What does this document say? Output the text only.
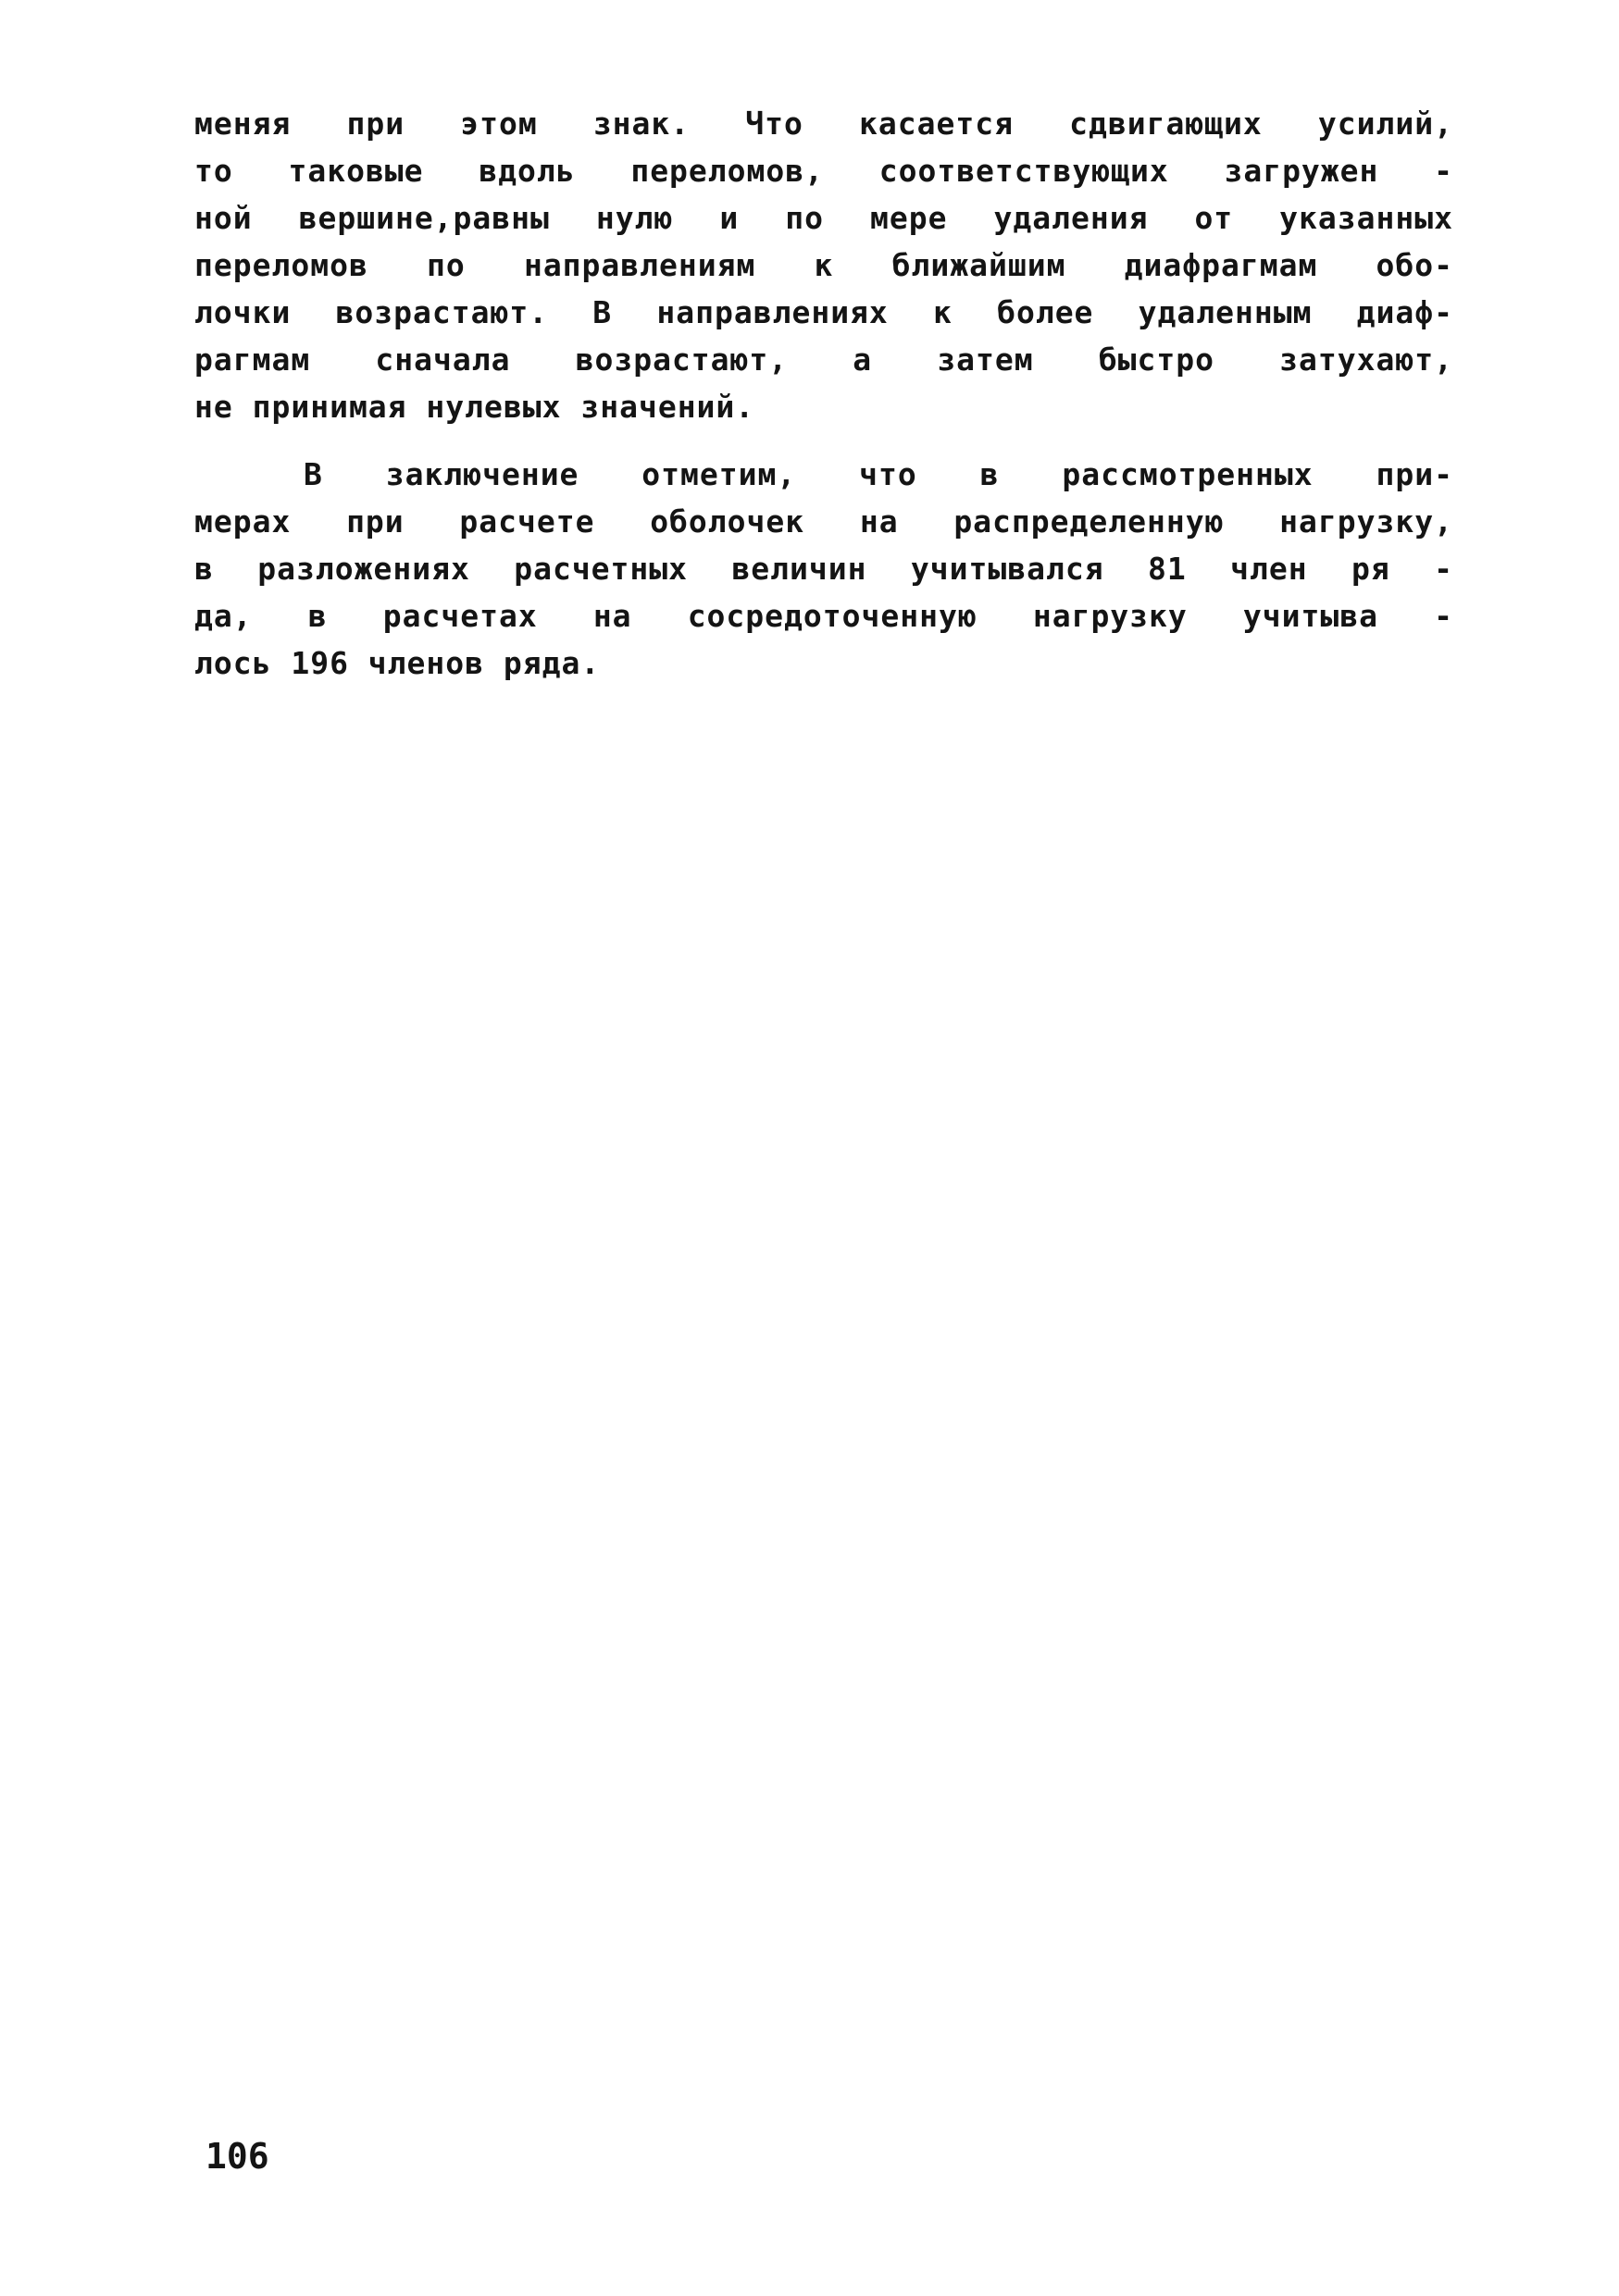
меняя при этом знак. Что касается сдвигающих усилий,
то таковые вдоль переломов, соответствующих загружен -
ной вершине,равны нулю и по мере удаления от указанных
переломов по направлениям к ближайшим диафрагмам обо-
лочки возрастают. В направлениях к более удаленным диаф-
рагмам сначала возрастают, а затем быстро затухают,
не принимая нулевых значений.
В заключение отметим, что в рассмотренных при-
мерах при расчете оболочек на распределенную нагрузку,
в разложениях расчетных величин учитывался 81 член ря -
да, в расчетах на сосредоточенную нагрузку учитыва -
лось 196 членов ряда.
106
